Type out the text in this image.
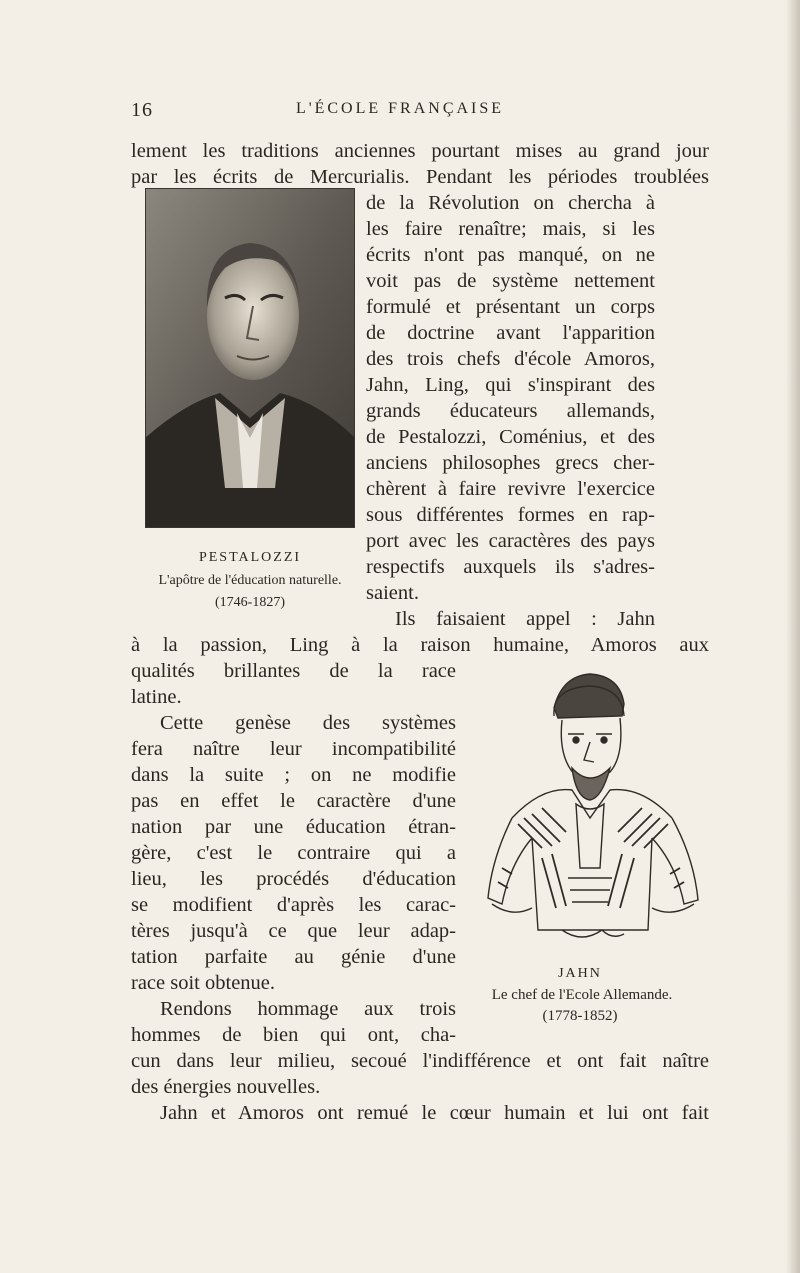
16	L'ÉCOLE FRANÇAISE
lement les traditions anciennes pourtant mises au grand jour
par les écrits de Mercurialis. Pendant les périodes troublées
de la Révolution on chercha à
les faire renaître; mais, si les
écrits n'ont pas manqué, on ne
voit pas de système nettement
formulé et présentant un corps
de doctrine avant l'apparition
des trois chefs d'école Amoros,
Jahn, Ling, qui s'inspirant des
grands éducateurs allemands,
de Pestalozzi, Coménius, et des
anciens philosophes grecs cher-
chèrent à faire revivre l'exercice
sous différentes formes en rap-
port avec les caractères des pays
respectifs auxquels ils s'adres-
saient.
Ils faisaient appel : Jahn
à la passion, Ling à la raison humaine, Amoros aux
qualités brillantes de la race
latine.
Cette genèse des systèmes
fera naître leur incompatibilité
dans la suite ; on ne modifie
pas en effet le caractère d'une
nation par une éducation étran-
gère, c'est le contraire qui a
lieu, les procédés d'éducation
se modifient d'après les carac-
tères jusqu'à ce que leur adap-
tation parfaite au génie d'une
race soit obtenue.
Rendons hommage aux trois
hommes de bien qui ont, cha-
cun dans leur milieu, secoué l'indifférence et ont fait naître
des énergies nouvelles.
Jahn et Amoros ont remué le cœur humain et lui ont fait
PESTALOZZI
L'apôtre de l'éducation naturelle.
(1746-1827)
JAHN
Le chef de l'Ecole Allemande.
(1778-1852)
